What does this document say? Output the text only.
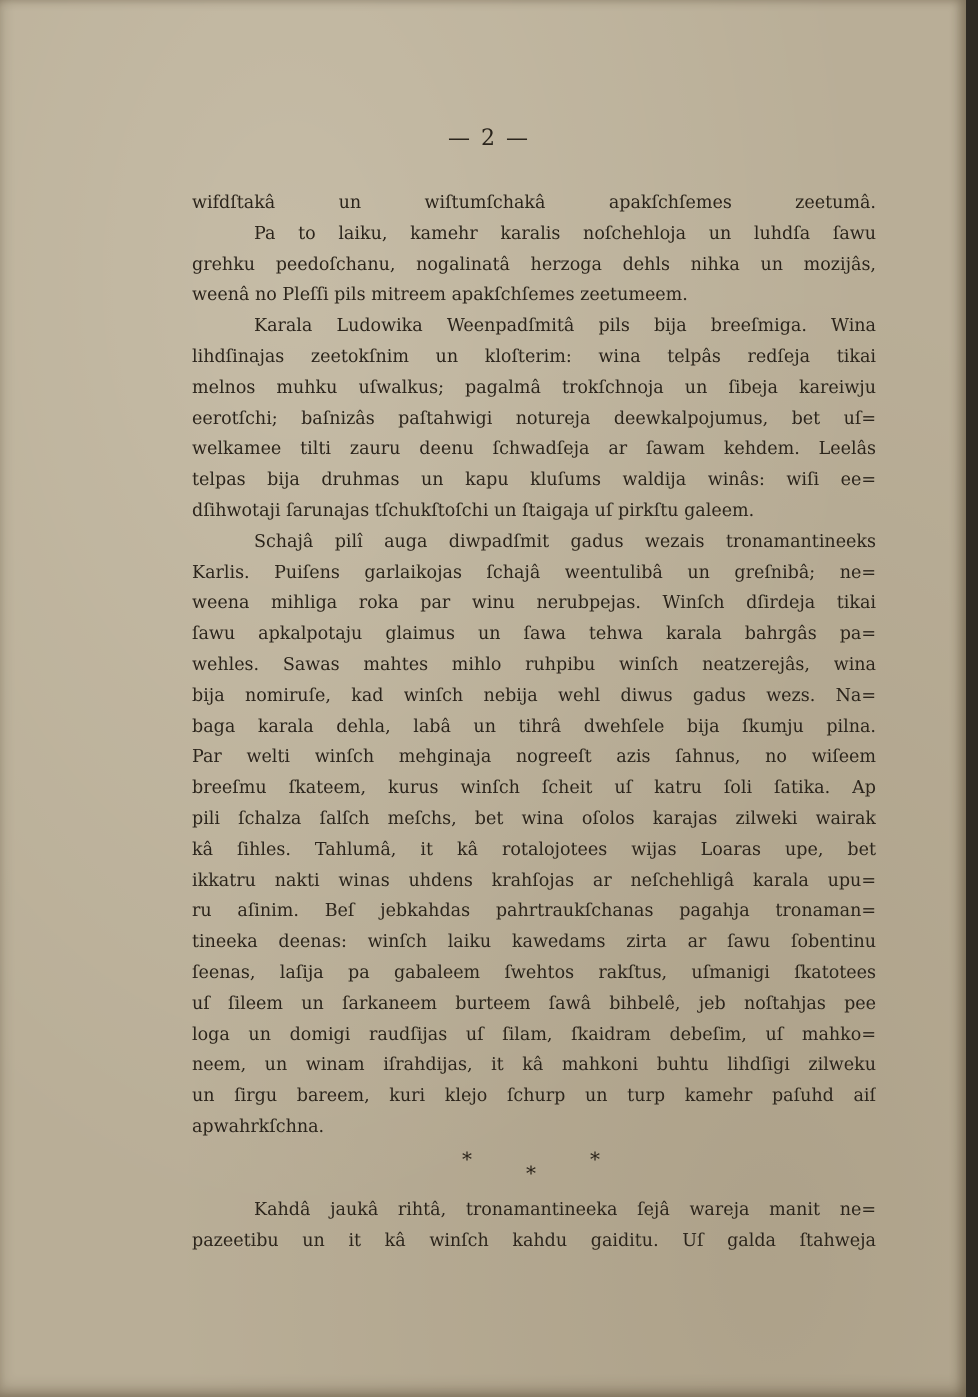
— 2 —
wifdſtakâ un wiſtumſchakâ apakſchſemes zeetumâ.
Pa to laiku, kamehr karalis noſchehloja un luhdſa ſawu
grehku peedoſchanu, nogalinatâ herzoga dehls nihka un mozijâs,
weenâ no Pleſſi pils mitreem apakſchſemes zeetumeem.
Karala Ludowika Weenpadſmitâ pils bija breeſmiga. Wina
lihdſinajas zeetokſnim un kloſterim: wina telpâs redſeja tikai
melnos muhku uſwalkus; pagalmâ trokſchnoja un ſibeja kareiwju
eerotſchi; baſnizâs paſtahwigi notureja deewkalpojumus, bet uſ=
welkamee tilti zauru deenu ſchwadſeja ar ſawam kehdem. Leelâs
telpas bija druhmas un kapu kluſums waldija winâs: wiſi ee=
dſihwotaji ſarunajas tſchukſtoſchi un ſtaigaja uſ pirkſtu galeem.
Schajâ pilî auga diwpadſmit gadus wezais tronamantineeks
Karlis. Puiſens garlaikojas ſchajâ weentulibâ un greſnibâ; ne=
weena mihliga roka par winu nerubpejas. Winſch dſirdeja tikai
ſawu apkalpotaju glaimus un ſawa tehwa karala bahrgâs pa=
wehles. Sawas mahtes mihlo ruhpibu winſch neatzerejâs, wina
bija nomiruſe, kad winſch nebija wehl diwus gadus wezs. Na=
baga karala dehla, labâ un tihrâ dwehſele bija ſkumju pilna.
Par welti winſch mehginaja nogreeſt azis ſahnus, no wiſeem
breeſmu ſkateem, kurus winſch ſcheit uſ katru ſoli ſatika. Ap
pili ſchalza ſalſch meſchs, bet wina oſolos karajas zilweki wairak
kâ ſihles. Tahlumâ, it kâ rotalojotees wijas Loaras upe, bet
ikkatru nakti winas uhdens krahſojas ar neſchehligâ karala upu=
ru aſinim. Beſ jebkahdas pahrtraukſchanas pagahja tronaman=
tineeka deenas: winſch laiku kawedams zirta ar ſawu ſobentinu
ſeenas, laſija pa gabaleem ſwehtos rakſtus, uſmanigi ſkatotees
uſ ſileem un ſarkaneem burteem ſawâ bihbelê, jeb noſtahjas pee
loga un domigi raudſijas uſ ſilam, ſkaidram debeſim, uſ mahko=
neem, un winam iſrahdijas, it kâ mahkoni buhtu lihdſigi zilweku
un ſirgu bareem, kuri klejo ſchurp un turp kamehr paſuhd aiſ
apwahrkſchna.
*
*
*
Kahdâ jaukâ rihtâ, tronamantineeka ſejâ wareja manit ne=
pazeetibu un it kâ winſch kahdu gaiditu. Uſ galda ſtahweja
